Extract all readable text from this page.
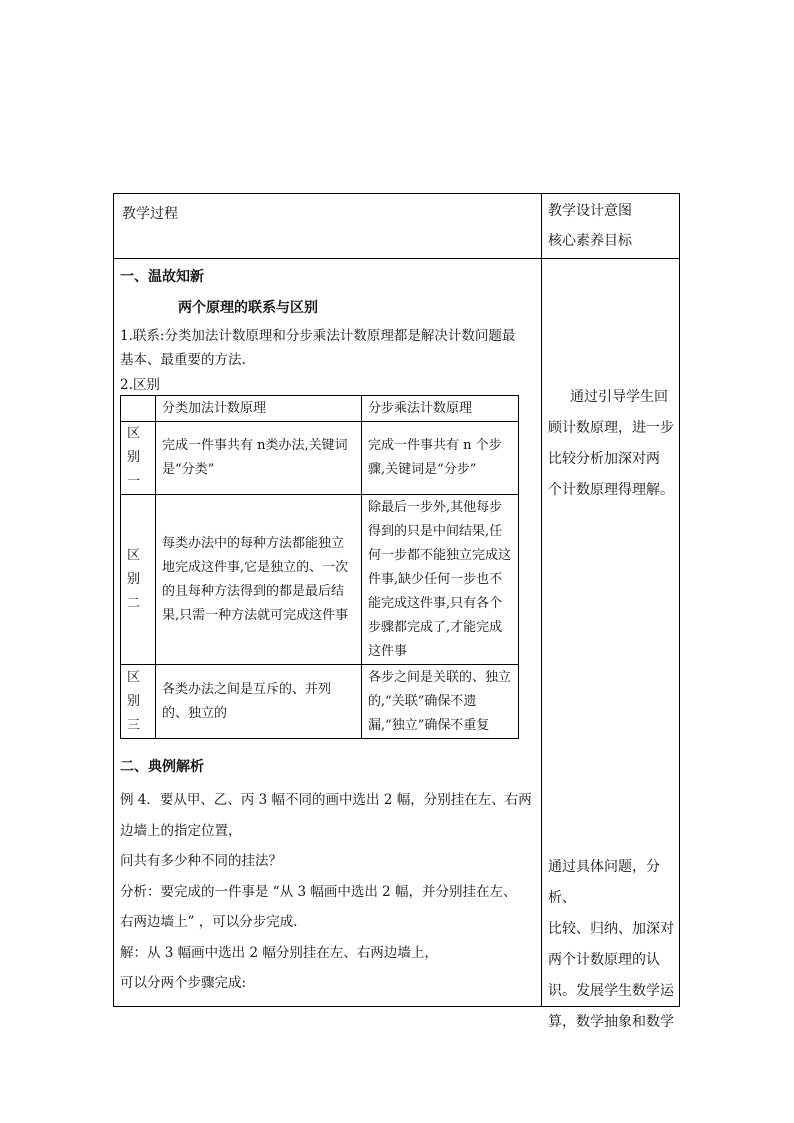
教学过程	教学设计意图
核心素养目标
一、温故知新
两个原理的联系与区别
1.联系:分类加法计数原理和分步乘法计数原理都是解决计数问题最
基本、最重要的方法.
2.区别
	分类加法计数原理	分步乘法计数原理
区别一	完成一件事共有 n类办法,关键词是“分类”	完成一件事共有 n 个步骤,关键词是“分步”
区别二	每类办法中的每种方法都能独立地完成这件事,它是独立的、一次的且每种方法得到的都是最后结果,只需一种方法就可完成这件事	除最后一步外,其他每步得到的只是中间结果,任何一步都不能独立完成这件事,缺少任何一步也不能完成这件事,只有各个步骤都完成了,才能完成这件事
区别三	各类办法之间是互斥的、并列的、独立的	各步之间是关联的、独立的,“关联”确保不遗漏,“独立”确保不重复
二、典例解析
例 4．要从甲、乙、丙 3 幅不同的画中选出 2 幅，分别挂在左、右两
边墙上的指定位置，
问共有多少种不同的挂法？
分析：要完成的一件事是 “从 3 幅画中选出 2 幅，并分别挂在左、
右两边墙上” ，可以分步完成.
解：从 3 幅画中选出 2 幅分别挂在左、右两边墙上，
可以分两个步骤完成:
通过引导学生回
顾计数原理，进一步
比较分析加深对两
个计数原理得理解。
通过具体问题，分析、
比较、归纳、加深对
两个计数原理的认
识。发展学生数学运
算，数学抽象和数学
